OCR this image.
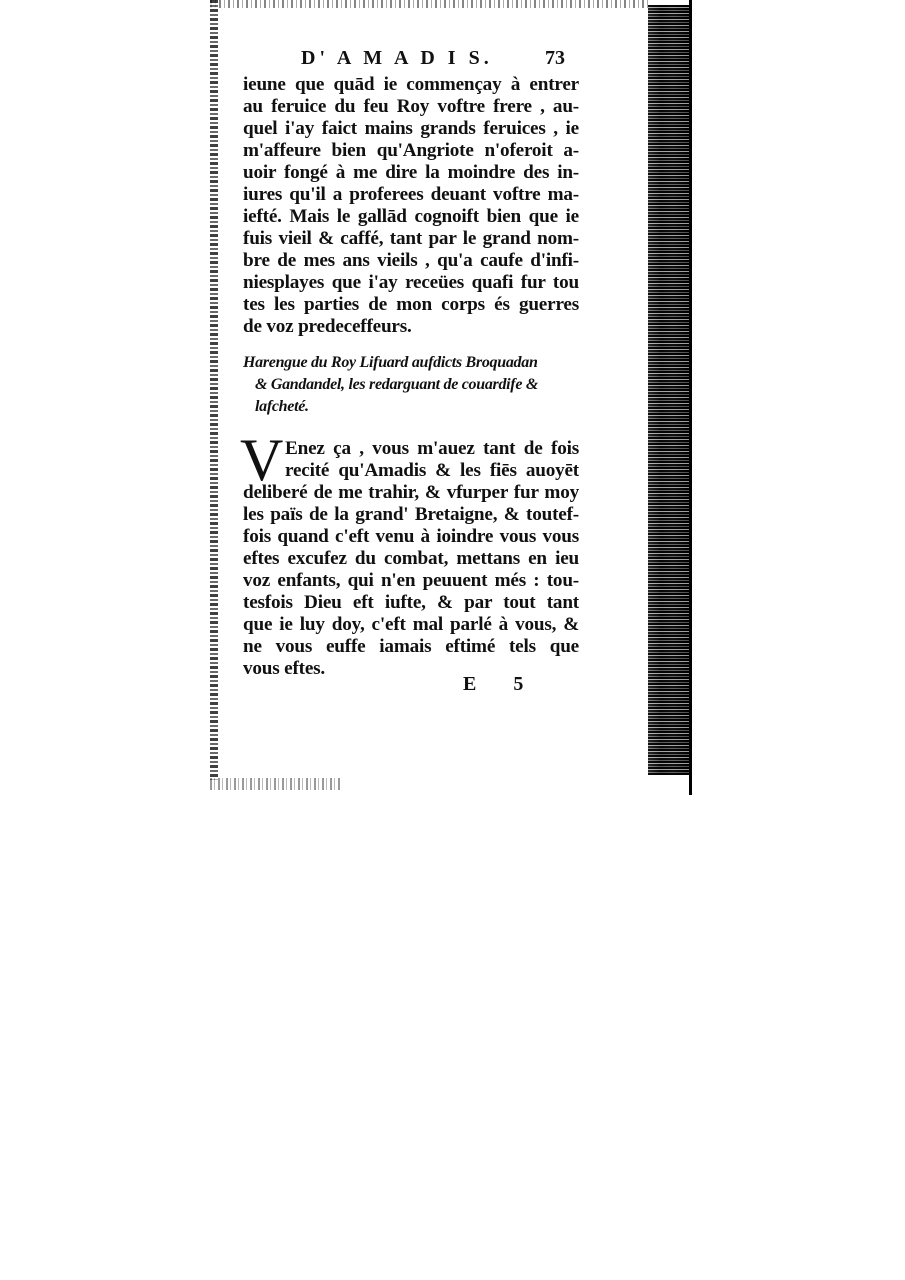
D' A M A D I S.	73
ieune que quād ie commençay à entrer
au feruice du feu Roy voftre frere , au-
quel i'ay faict mains grands feruices , ie
m'affeure bien qu'Angriote n'oferoit a-
uoir fongé à me dire la moindre des in-
iures qu'il a proferees deuant voftre ma-
iefté. Mais le gallād cognoift bien que ie
fuis vieil & caffé, tant par le grand nom-
bre de mes ans vieils , qu'a caufe d'infi-
niesplayes que i'ay receües quafi fur tou
tes les parties de mon corps és guerres
de voz predeceffeurs.
Harengue du Roy Lifuard aufdicts Broquadan
& Gandandel, les redarguant de couardife &
lafcheté.
V Enez ça , vous m'auez tant de fois
recité qu'Amadis & les fiēs auoyēt
deliberé de me trahir, & vfurper fur moy
les païs de la grand' Bretaigne, & toutef-
fois quand c'eft venu à ioindre vous vous
eftes excufez du combat, mettans en ieu
voz enfants, qui n'en peuuent més : tou-
tesfois Dieu eft iufte, & par tout tant
que ie luy doy, c'eft mal parlé à vous, &
ne vous euffe iamais eftimé tels que
vous eftes.
E 5
